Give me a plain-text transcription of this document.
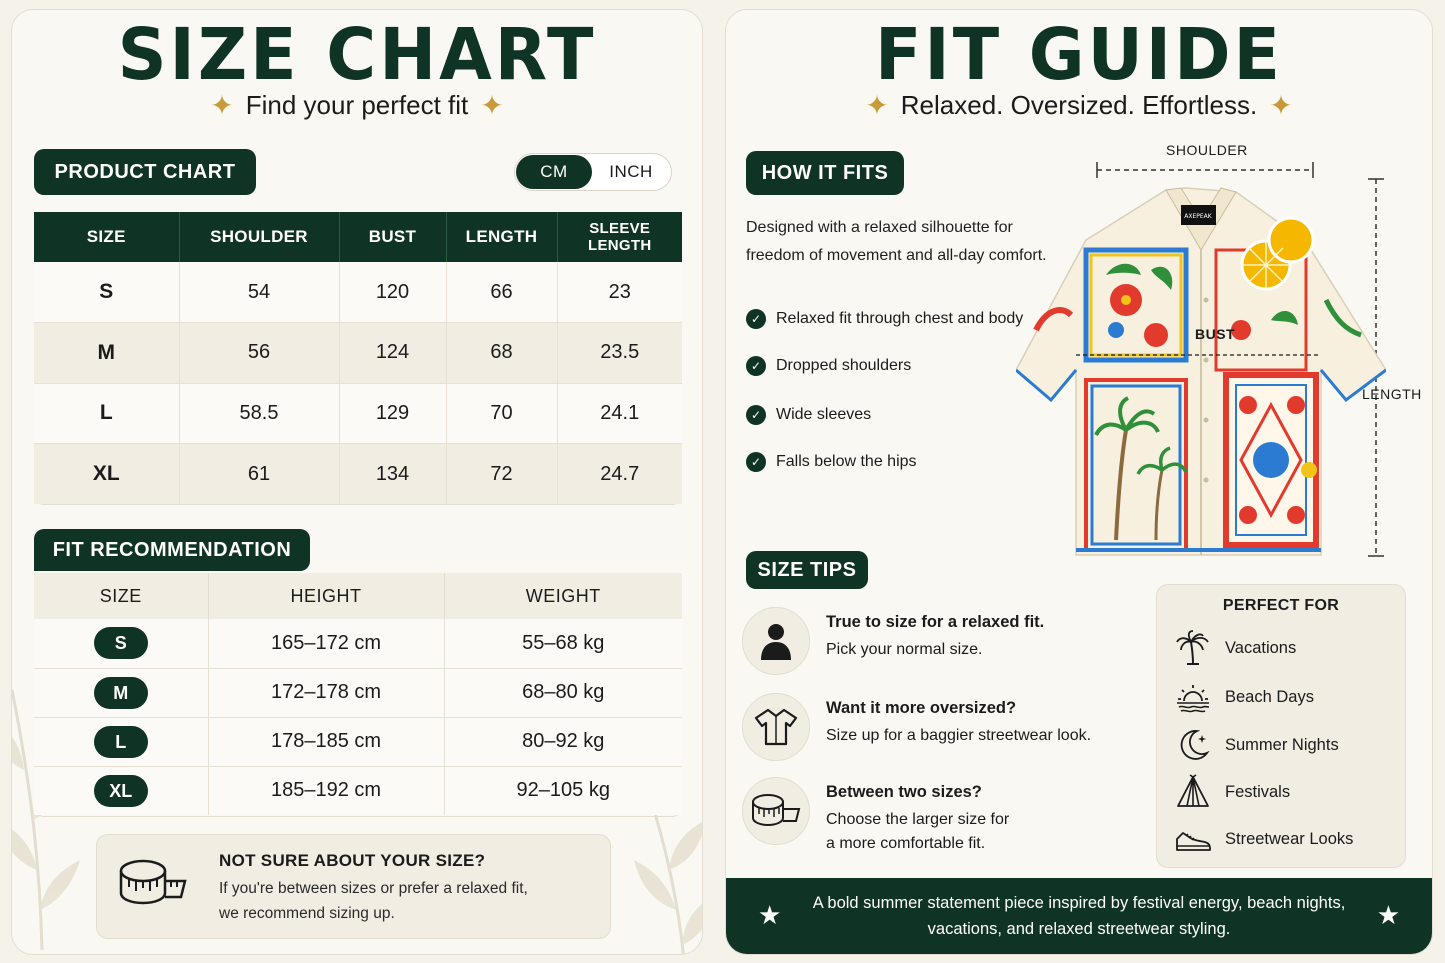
SIZE CHART
✦ Find your perfect fit ✦
PRODUCT CHART	CM	INCH
SIZE	SHOULDER	BUST	LENGTH	SLEEVE LENGTH
S	54	120	66	23
M	56	124	68	23.5
L	58.5	129	70	24.1
XL	61	134	72	24.7
FIT RECOMMENDATION
SIZE	HEIGHT	WEIGHT
S	165–172 cm	55–68 kg
M	172–178 cm	68–80 kg
L	178–185 cm	80–92 kg
XL	185–192 cm	92–105 kg
NOT SURE ABOUT YOUR SIZE?
If you're between sizes or prefer a relaxed fit,
we recommend sizing up.
FIT GUIDE
✦ Relaxed. Oversized. Effortless. ✦
HOW IT FITS
Designed with a relaxed silhouette for
freedom of movement and all-day comfort.
✓ Relaxed fit through chest and body
✓ Dropped shoulders
✓ Wide sleeves
✓ Falls below the hips
SHOULDER
LENGTH
AXEPEAK
BUST
SIZE TIPS
True to size for a relaxed fit.
Pick your normal size.
Want it more oversized?
Size up for a baggier streetwear look.
Between two sizes?
Choose the larger size for
a more comfortable fit.
PERFECT FOR
Vacations
Beach Days
Summer Nights
Festivals
Streetwear Looks
★	A bold summer statement piece inspired by festival energy, beach nights,
vacations, and relaxed streetwear styling.	★
